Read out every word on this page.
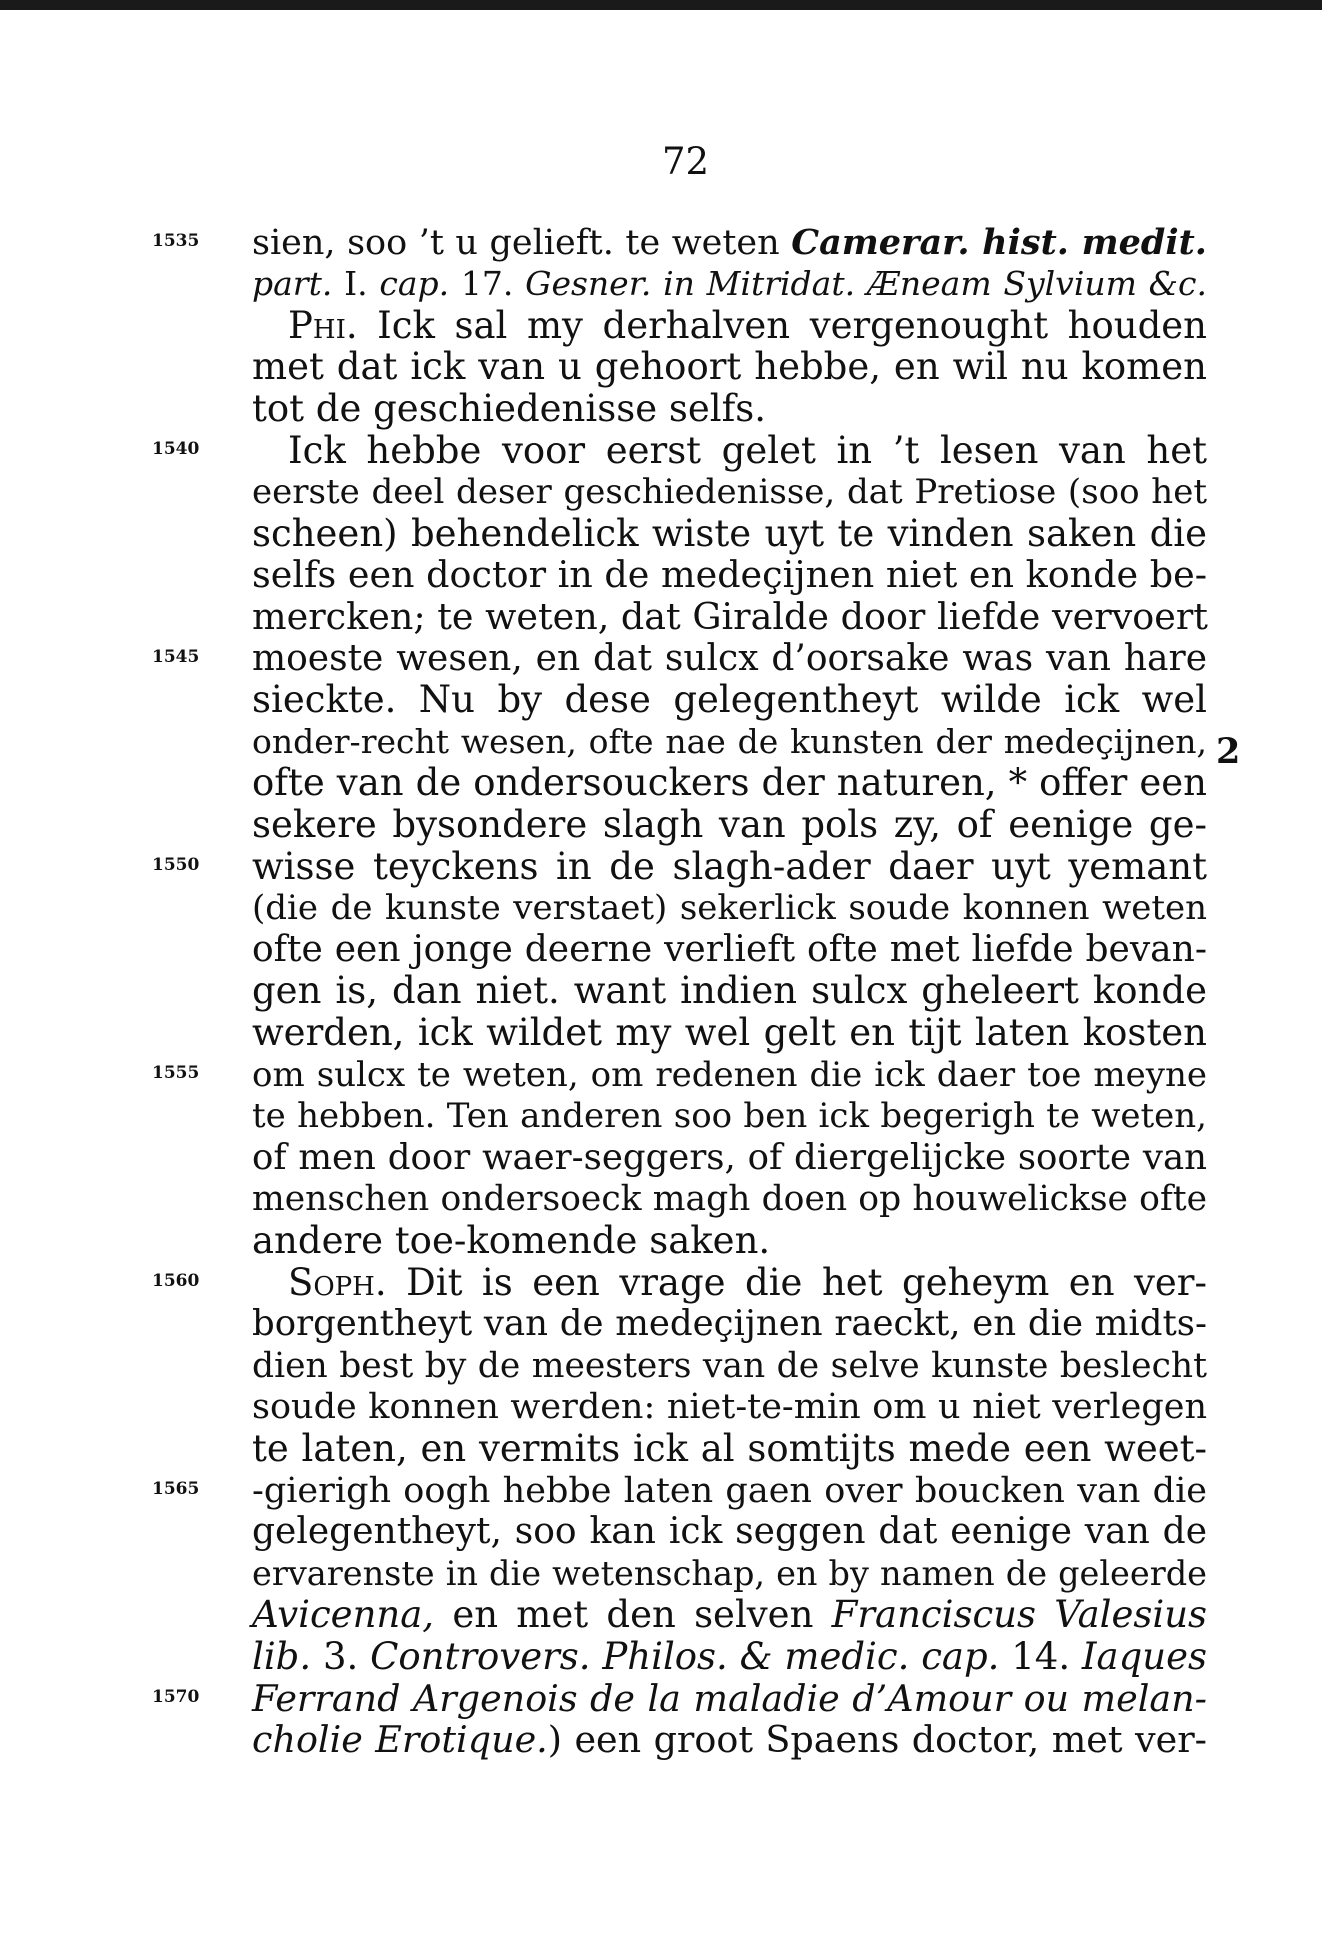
72
1535
1540
1545
1550
1555
1560
1565
1570
2
sien, soo ’t u gelieft. te weten Camerar. hist. medit.
part. I. cap. 17. Gesner. in Mitridat. Æneam Sylvium &c.
Phi. Ick sal my derhalven vergenought houden
met dat ick van u gehoort hebbe, en wil nu komen
tot de geschiedenisse selfs.
Ick hebbe voor eerst gelet in ’t lesen van het
eerste deel deser geschiedenisse, dat Pretiose (soo het
scheen) behendelick wiste uyt te vinden saken die
selfs een doctor in de medeçijnen niet en konde be-
mercken; te weten, dat Giralde door liefde vervoert
moeste wesen, en dat sulcx d’oorsake was van hare
sieckte. Nu by dese gelegentheyt wilde ick wel
onder-recht wesen, ofte nae de kunsten der medeçijnen,
ofte van de ondersouckers der naturen, * offer een
sekere bysondere slagh van pols zy, of eenige ge-
wisse teyckens in de slagh-ader daer uyt yemant
(die de kunste verstaet) sekerlick soude konnen weten
ofte een jonge deerne verlieft ofte met liefde bevan-
gen is, dan niet. want indien sulcx gheleert konde
werden, ick wildet my wel gelt en tijt laten kosten
om sulcx te weten, om redenen die ick daer toe meyne
te hebben. Ten anderen soo ben ick begerigh te weten,
of men door waer-seggers, of diergelijcke soorte van
menschen ondersoeck magh doen op houwelickse ofte
andere toe-komende saken.
Soph. Dit is een vrage die het geheym en ver-
borgentheyt van de medeçijnen raeckt, en die midts-
dien best by de meesters van de selve kunste beslecht
soude konnen werden: niet-te-min om u niet verlegen
te laten, en vermits ick al somtijts mede een weet-
-gierigh oogh hebbe laten gaen over boucken van die
gelegentheyt, soo kan ick seggen dat eenige van de
ervarenste in die wetenschap, en by namen de geleerde
Avicenna, en met den selven Franciscus Valesius
lib. 3. Controvers. Philos. & medic. cap. 14. Iaques
Ferrand Argenois de la maladie d’Amour ou melan-
cholie Erotique.) een groot Spaens doctor, met ver-
